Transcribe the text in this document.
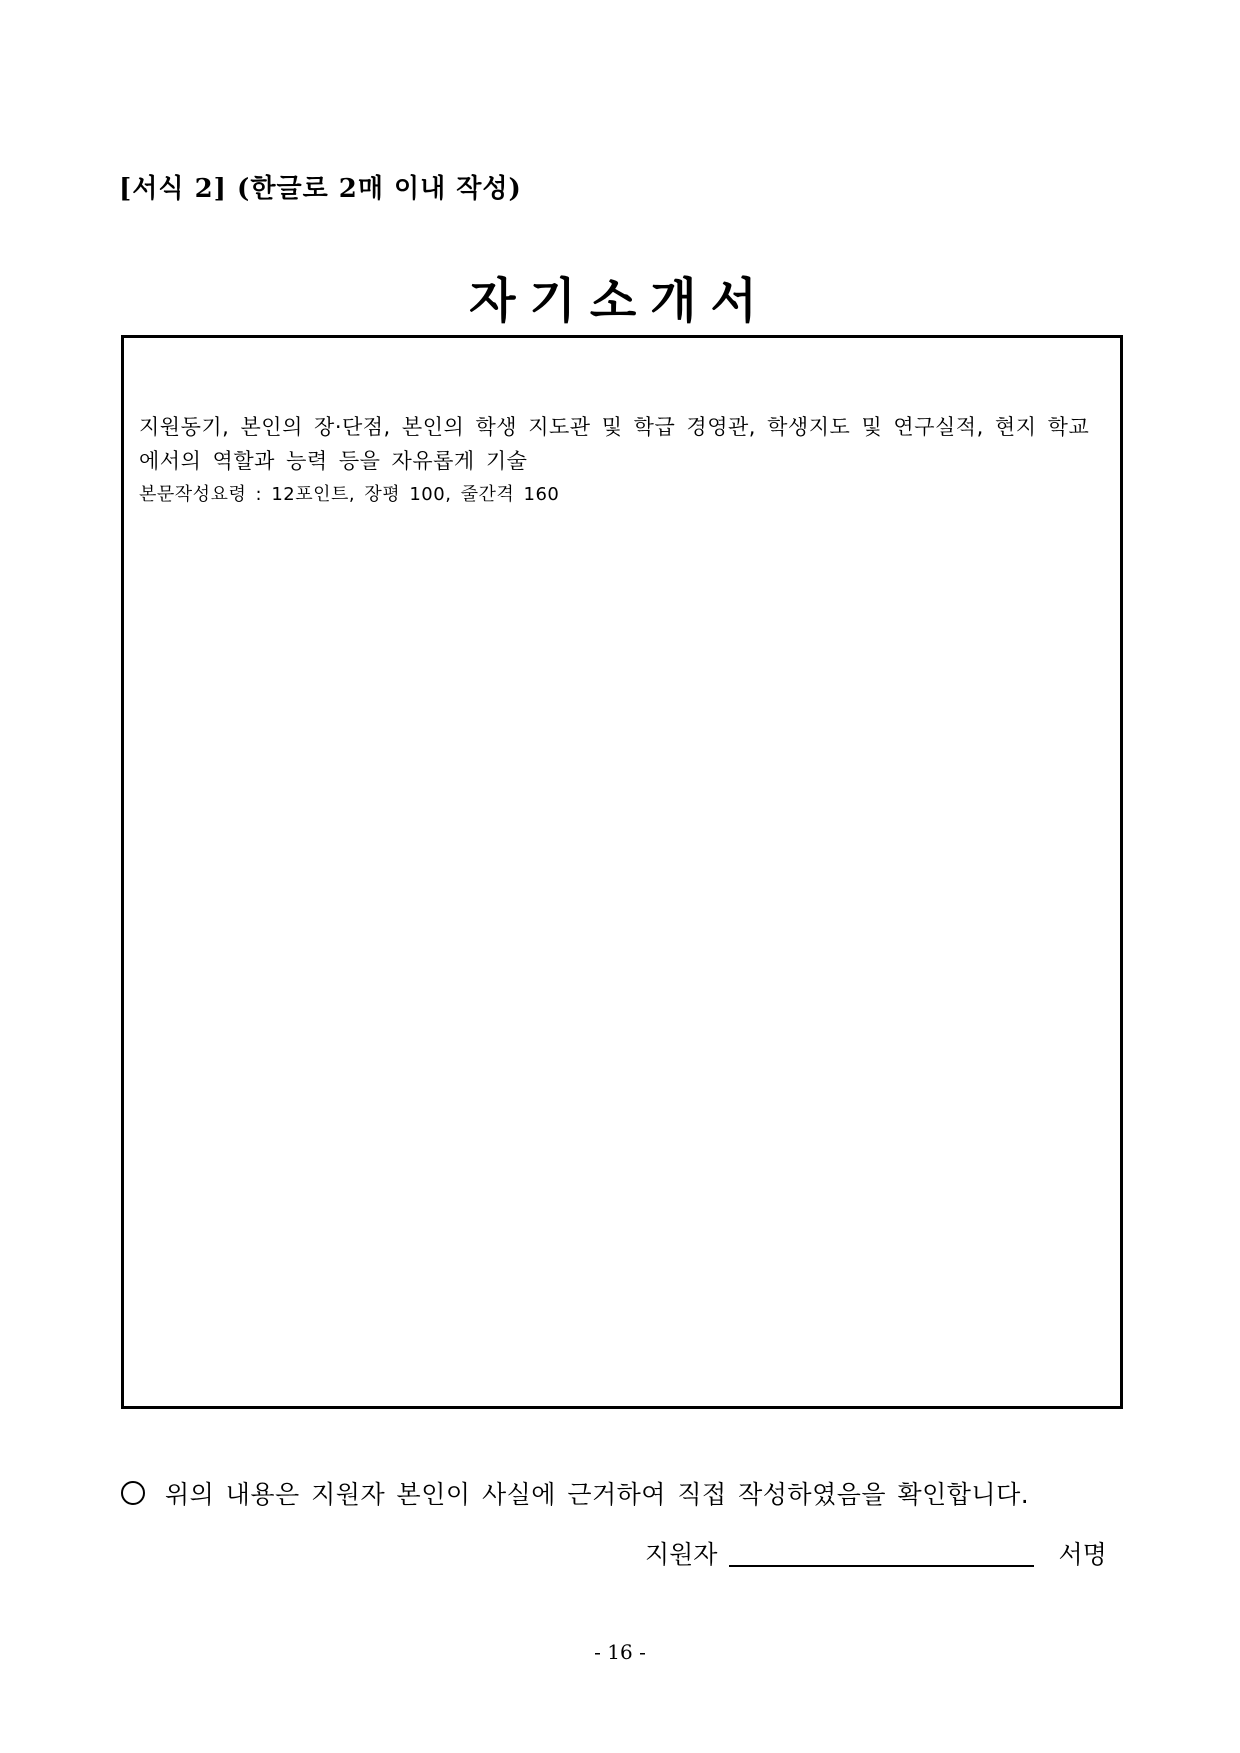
[서식 2] (한글로 2매 이내 작성)
자기소개서
지원동기, 본인의 장·단점, 본인의 학생 지도관 및 학급 경영관, 학생지도 및 연구실적, 현지 학교에서의 역할과 능력 등을 자유롭게 기술
본문작성요령 : 12포인트, 장평 100, 줄간격 160
위의 내용은 지원자 본인이 사실에 근거하여 직접 작성하였음을 확인합니다.
지원자	서명
- 16 -
